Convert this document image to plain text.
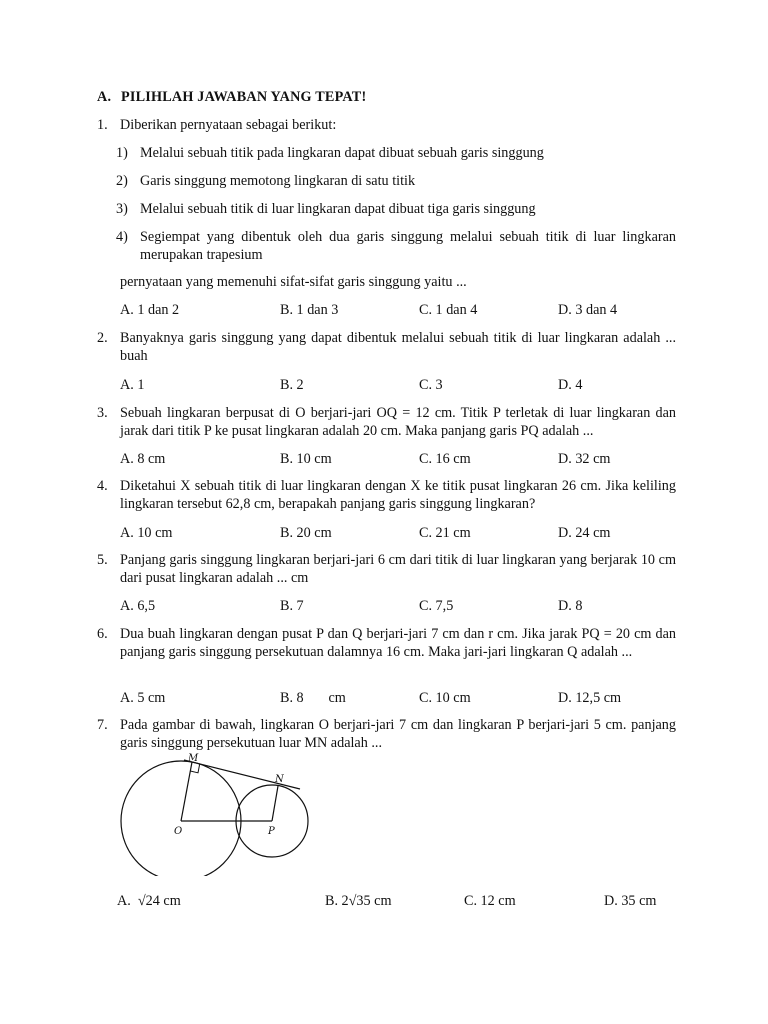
A. PILIHLAH JAWABAN YANG TEPAT!
1. Diberikan pernyataan sebagai berikut:
1) Melalui sebuah titik pada lingkaran dapat dibuat sebuah garis singgung
2) Garis singgung memotong lingkaran di satu titik
3) Melalui sebuah titik di luar lingkaran dapat dibuat tiga garis singgung
4) Segiempat yang dibentuk oleh dua garis singgung melalui sebuah titik di luar lingkaran merupakan trapesium
pernyataan yang memenuhi sifat-sifat garis singgung yaitu ...
A. 1 dan 2	B. 1 dan 3	C. 1 dan 4	D. 3 dan 4
2. Banyaknya garis singgung yang dapat dibentuk melalui sebuah titik di luar lingkaran adalah ... buah
A. 1	B. 2	C. 3	D. 4
3. Sebuah lingkaran berpusat di O berjari-jari OQ = 12 cm. Titik P terletak di luar lingkaran dan jarak dari titik P ke pusat lingkaran adalah 20 cm. Maka panjang garis PQ adalah ...
A. 8 cm	B. 10 cm	C. 16 cm	D. 32 cm
4. Diketahui X sebuah titik di luar lingkaran dengan X ke titik pusat lingkaran 26 cm. Jika keliling lingkaran tersebut 62,8 cm, berapakah panjang garis singgung lingkaran?
A. 10 cm	B. 20 cm	C. 21 cm	D. 24 cm
5. Panjang garis singgung lingkaran berjari-jari 6 cm dari titik di luar lingkaran yang berjarak 10 cm dari pusat lingkaran adalah ... cm
A. 6,5	B. 7	C. 7,5	D. 8
6. Dua buah lingkaran dengan pusat P dan Q berjari-jari 7 cm dan r cm. Jika jarak PQ = 20 cm dan panjang garis singgung persekutuan dalamnya 16 cm. Maka jari-jari lingkaran Q adalah ...
A. 5 cm	B. 8       cm	C. 10 cm	D. 12,5 cm
7. Pada gambar di bawah, lingkaran O berjari-jari 7 cm dan lingkaran P berjari-jari 5 cm. panjang garis singgung persekutuan luar MN adalah ...
M
N
O	P
A.  √24 cm	B. 2√35 cm	C. 12 cm	D. 35 cm
